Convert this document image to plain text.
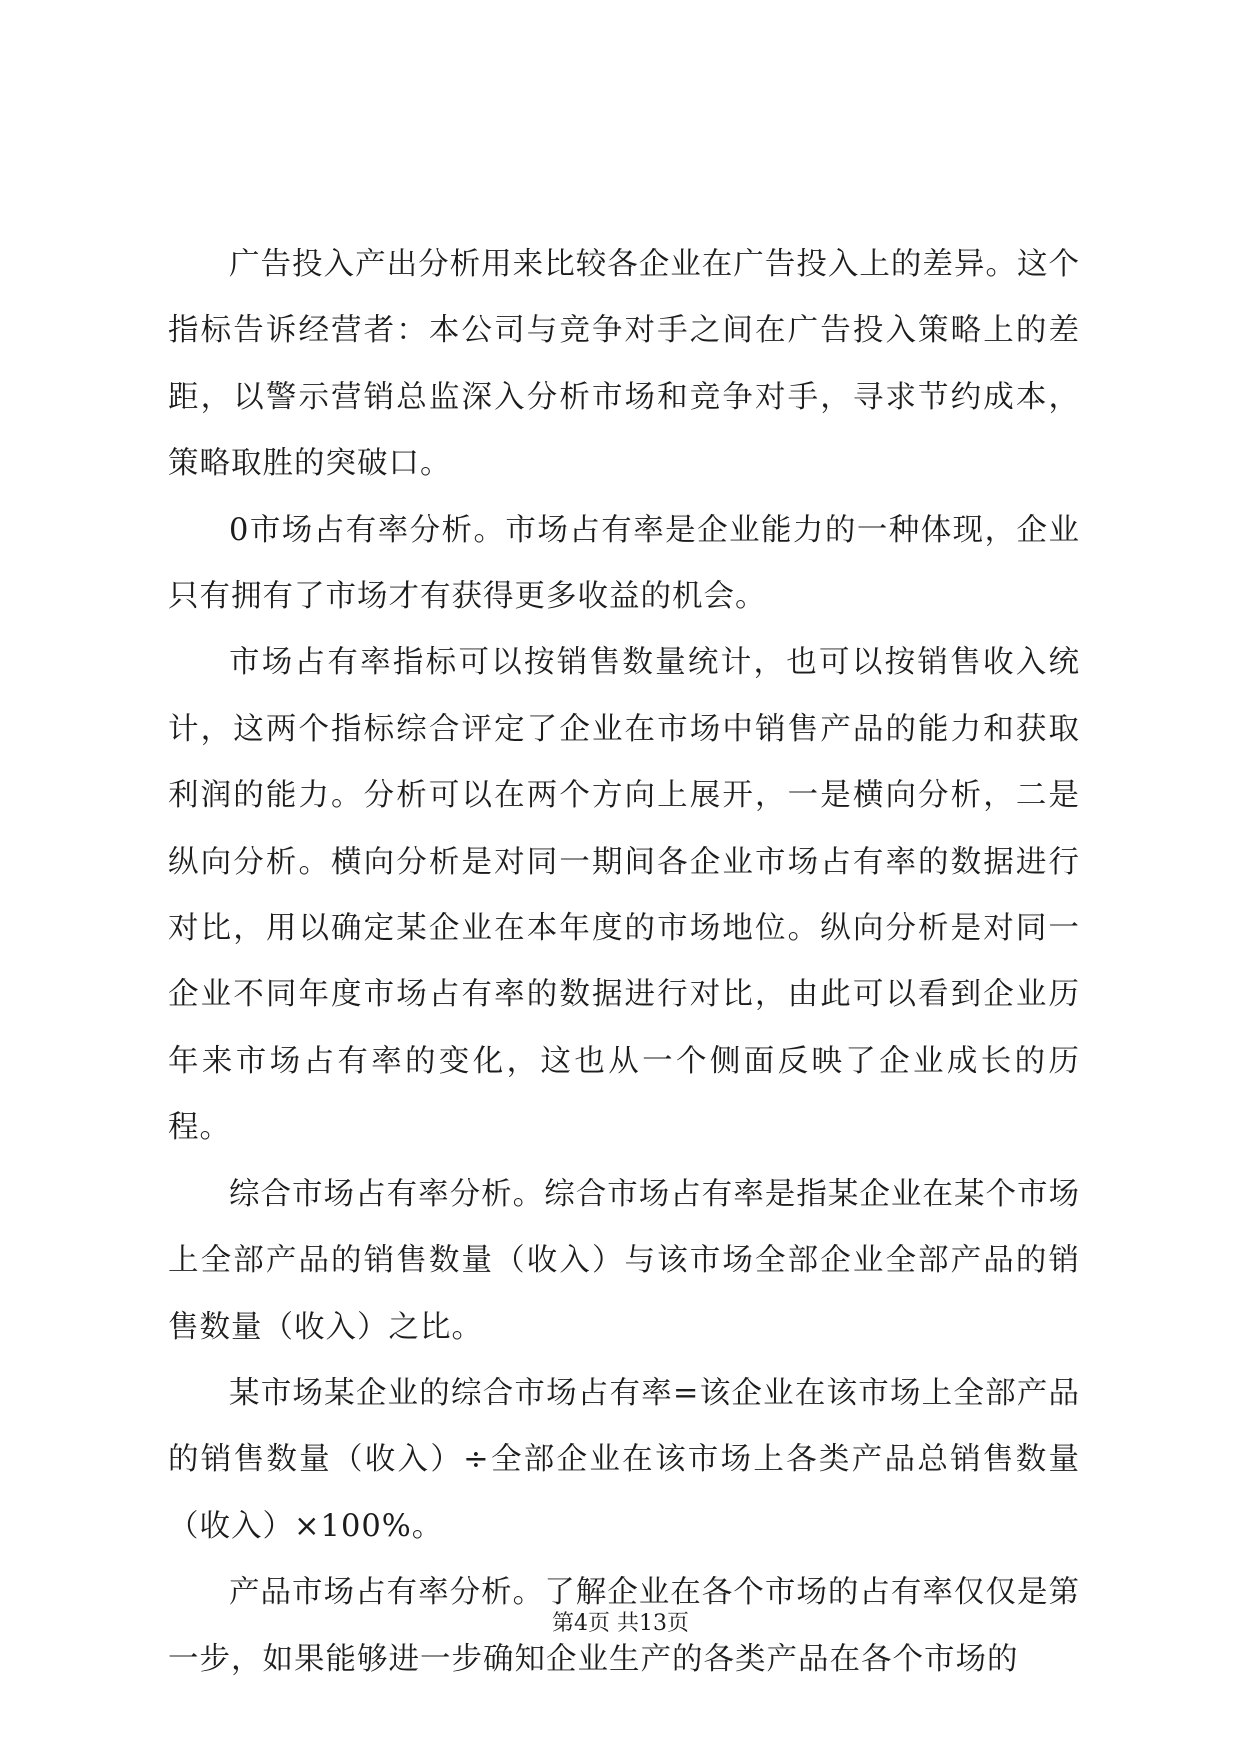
广告投入产出分析用来比较各企业在广告投入上的差异。这个指标告诉经营者：本公司与竞争对手之间在广告投入策略上的差距，以警示营销总监深入分析市场和竞争对手，寻求节约成本，策略取胜的突破口。

0市场占有率分析。市场占有率是企业能力的一种体现，企业只有拥有了市场才有获得更多收益的机会。

市场占有率指标可以按销售数量统计，也可以按销售收入统计，这两个指标综合评定了企业在市场中销售产品的能力和获取利润的能力。分析可以在两个方向上展开，一是横向分析，二是纵向分析。横向分析是对同一期间各企业市场占有率的数据进行对比，用以确定某企业在本年度的市场地位。纵向分析是对同一企业不同年度市场占有率的数据进行对比，由此可以看到企业历年来市场占有率的变化，这也从一个侧面反映了企业成长的历程。

综合市场占有率分析。综合市场占有率是指某企业在某个市场上全部产品的销售数量（收入）与该市场全部企业全部产品的销售数量（收入）之比。

某市场某企业的综合市场占有率=该企业在该市场上全部产品的销售数量（收入）÷全部企业在该市场上各类产品总销售数量（收入）×100%。

产品市场占有率分析。了解企业在各个市场的占有率仅仅是第一步，如果能够进一步确知企业生产的各类产品在各个市场的

第4页 共13页
